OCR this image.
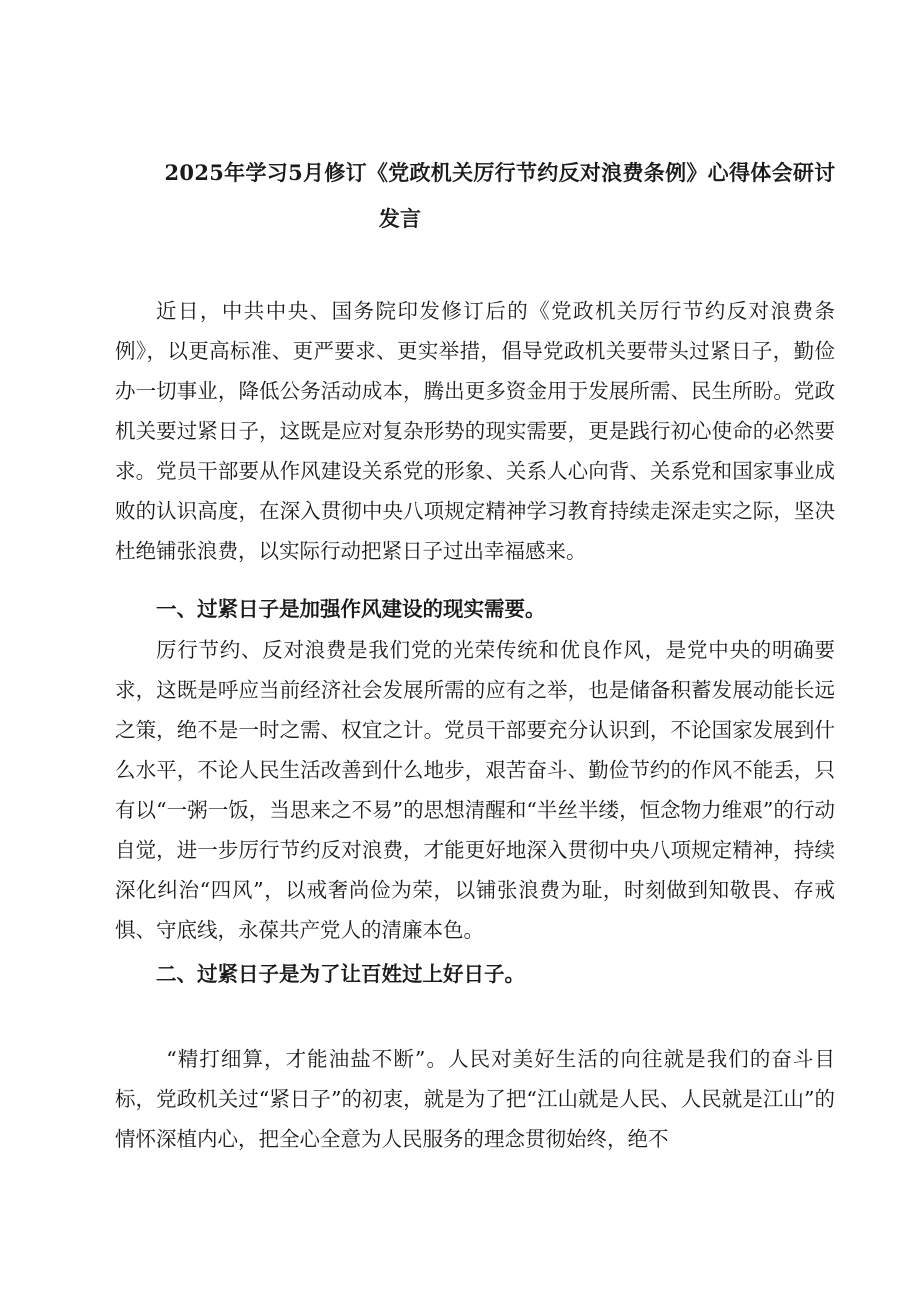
2025年学习5月修订《党政机关厉行节约反对浪费条例》心得体会研讨
发言

近日，中共中央、国务院印发修订后的《党政机关厉行节约反对浪费条例》，以更高标准、更严要求、更实举措，倡导党政机关要带头过紧日子，勤俭办一切事业，降低公务活动成本，腾出更多资金用于发展所需、民生所盼。党政机关要过紧日子，这既是应对复杂形势的现实需要，更是践行初心使命的必然要求。党员干部要从作风建设关系党的形象、关系人心向背、关系党和国家事业成败的认识高度，在深入贯彻中央八项规定精神学习教育持续走深走实之际，坚决杜绝铺张浪费，以实际行动把紧日子过出幸福感来。

一、过紧日子是加强作风建设的现实需要。

厉行节约、反对浪费是我们党的光荣传统和优良作风，是党中央的明确要求，这既是呼应当前经济社会发展所需的应有之举，也是储备积蓄发展动能长远之策，绝不是一时之需、权宜之计。党员干部要充分认识到，不论国家发展到什么水平，不论人民生活改善到什么地步，艰苦奋斗、勤俭节约的作风不能丢，只有以“一粥一饭，当思来之不易”的思想清醒和“半丝半缕，恒念物力维艰”的行动自觉，进一步厉行节约反对浪费，才能更好地深入贯彻中央八项规定精神，持续深化纠治“四风”，以戒奢尚俭为荣，以铺张浪费为耻，时刻做到知敬畏、存戒惧、守底线，永葆共产党人的清廉本色。

二、过紧日子是为了让百姓过上好日子。

“精打细算，才能油盐不断”。人民对美好生活的向往就是我们的奋斗目标，党政机关过“紧日子”的初衷，就是为了把“江山就是人民、人民就是江山”的情怀深植内心，把全心全意为人民服务的理念贯彻始终，绝不
